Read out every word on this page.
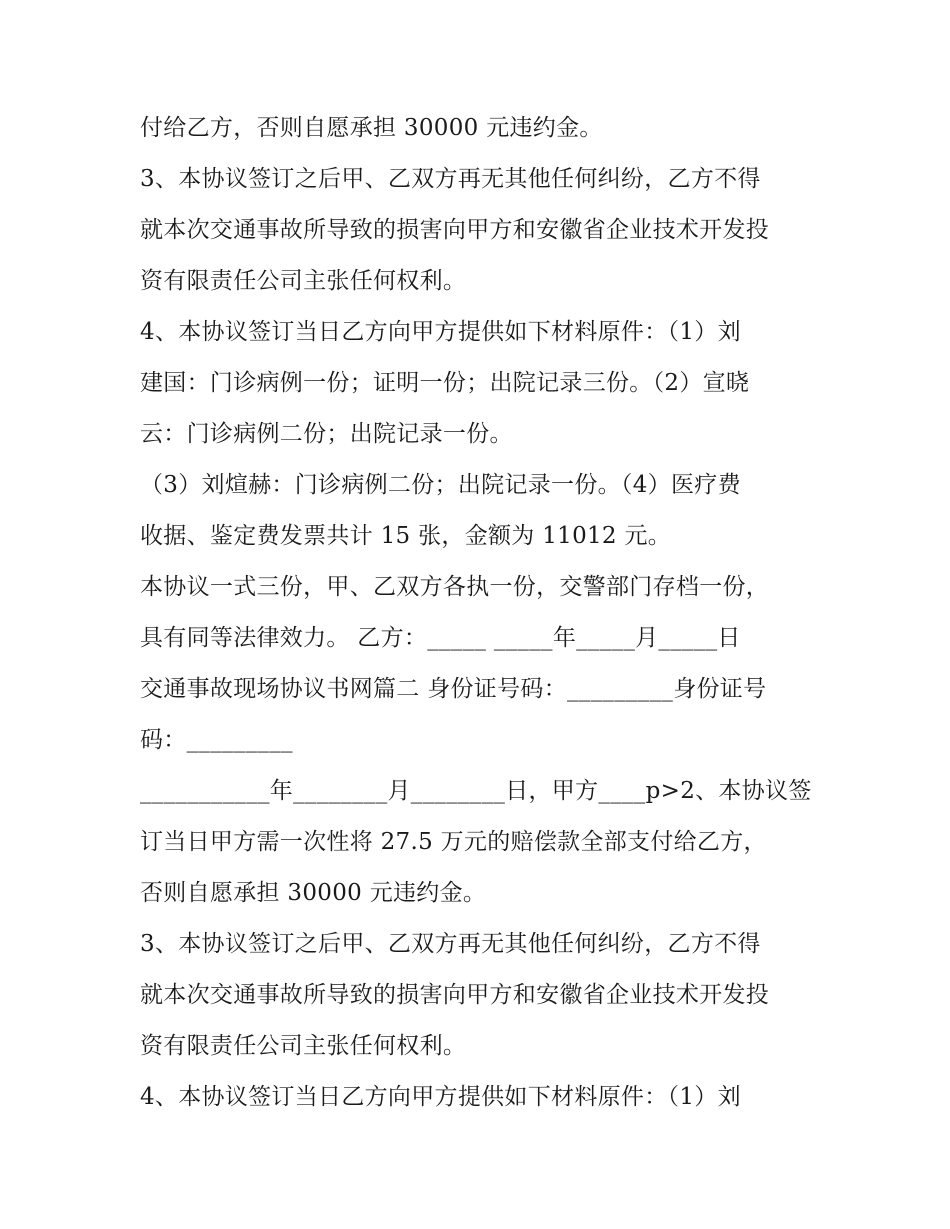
付给乙方，否则自愿承担 30000 元违约金。
3、本协议签订之后甲、乙双方再无其他任何纠纷，乙方不得
就本次交通事故所导致的损害向甲方和安徽省企业技术开发投
资有限责任公司主张任何权利。
4、本协议签订当日乙方向甲方提供如下材料原件：（1）刘
建国：门诊病例一份；证明一份；出院记录三份。（2）宣晓
云：门诊病例二份；出院记录一份。
（3）刘煊赫：门诊病例二份；出院记录一份。（4）医疗费
收据、鉴定费发票共计 15 张，金额为 11012 元。
本协议一式三份，甲、乙双方各执一份，交警部门存档一份，
具有同等法律效力。 乙方：_____ _____年_____月_____日
交通事故现场协议书网篇二 身份证号码：_________身份证号
码：_________
___________年________月________日，甲方____p>2、本协议签
订当日甲方需一次性将 27.5 万元的赔偿款全部支付给乙方，
否则自愿承担 30000 元违约金。
3、本协议签订之后甲、乙双方再无其他任何纠纷，乙方不得
就本次交通事故所导致的损害向甲方和安徽省企业技术开发投
资有限责任公司主张任何权利。
4、本协议签订当日乙方向甲方提供如下材料原件：（1）刘
